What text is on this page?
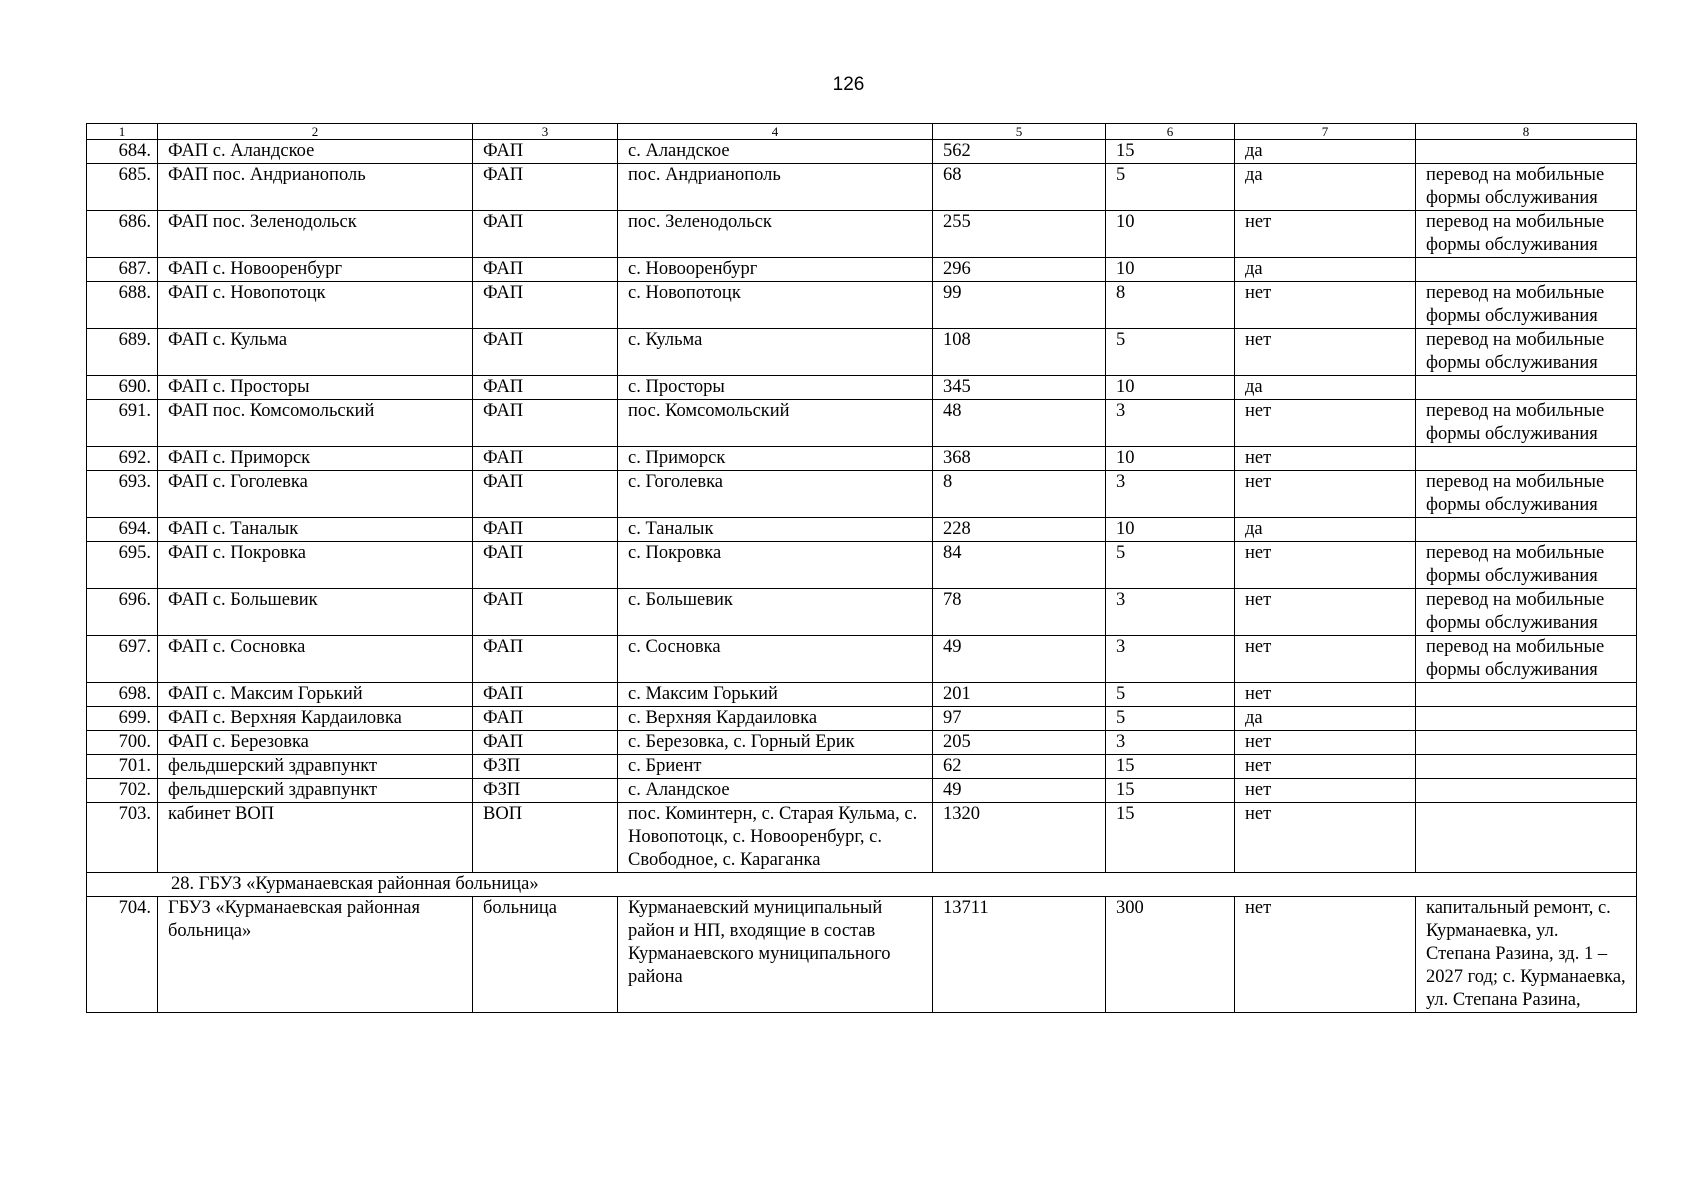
126
1	2	3	4	5	6	7	8
684.	ФАП с. Аландское	ФАП	с. Аландское	562	15	да	
685.	ФАП пос. Андрианополь	ФАП	пос. Андрианополь	68	5	да	перевод на мобильные формы обслуживания
686.	ФАП пос. Зеленодольск	ФАП	пос. Зеленодольск	255	10	нет	перевод на мобильные формы обслуживания
687.	ФАП с. Новооренбург	ФАП	с. Новооренбург	296	10	да	
688.	ФАП с. Новопотоцк	ФАП	с. Новопотоцк	99	8	нет	перевод на мобильные формы обслуживания
689.	ФАП с. Кульма	ФАП	с. Кульма	108	5	нет	перевод на мобильные формы обслуживания
690.	ФАП с. Просторы	ФАП	с. Просторы	345	10	да	
691.	ФАП пос. Комсомольский	ФАП	пос. Комсомольский	48	3	нет	перевод на мобильные формы обслуживания
692.	ФАП с. Приморск	ФАП	с. Приморск	368	10	нет	
693.	ФАП с. Гоголевка	ФАП	с. Гоголевка	8	3	нет	перевод на мобильные формы обслуживания
694.	ФАП с. Таналык	ФАП	с. Таналык	228	10	да	
695.	ФАП с. Покровка	ФАП	с. Покровка	84	5	нет	перевод на мобильные формы обслуживания
696.	ФАП с. Большевик	ФАП	с. Большевик	78	3	нет	перевод на мобильные формы обслуживания
697.	ФАП с. Сосновка	ФАП	с. Сосновка	49	3	нет	перевод на мобильные формы обслуживания
698.	ФАП с. Максим Горький	ФАП	с. Максим Горький	201	5	нет	
699.	ФАП с. Верхняя Кардаиловка	ФАП	с. Верхняя Кардаиловка	97	5	да	
700.	ФАП с. Березовка	ФАП	с. Березовка, с. Горный Ерик	205	3	нет	
701.	фельдшерский здравпункт	ФЗП	с. Бриент	62	15	нет	
702.	фельдшерский здравпункт	ФЗП	с. Аландское	49	15	нет	
703.	кабинет ВОП	ВОП	пос. Коминтерн, с. Старая Кульма, с. Новопотоцк, с. Новооренбург, с. Свободное, с. Караганка	1320	15	нет	
28. ГБУЗ «Курманаевская районная больница»							
704.	ГБУЗ «Курманаевская районная больница»	больница	Курманаевский муниципальный район и НП, входящие в состав Курманаевского муниципального района	13711	300	нет	капитальный ремонт, с. Курманаевка, ул. Степана Разина, зд. 1 – 2027 год; с. Курманаевка, ул. Степана Разина,
